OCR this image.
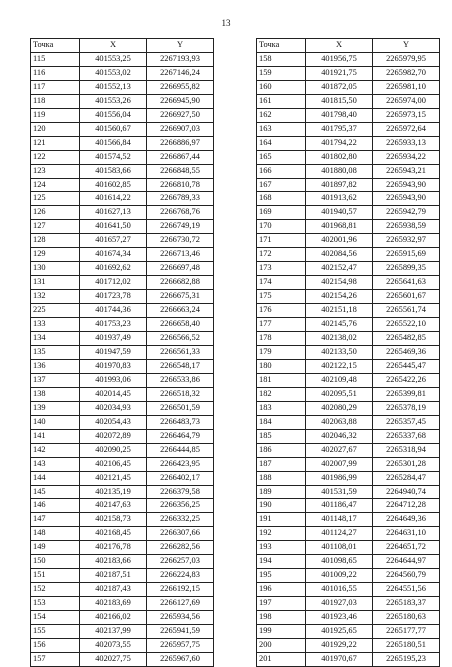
13
Точка	X	Y
115	401553,25	2267193,93
116	401553,02	2267146,24
117	401552,13	2266955,82
118	401553,26	2266945,90
119	401556,04	2266927,50
120	401560,67	2266907,03
121	401566,84	2266886,97
122	401574,52	2266867,44
123	401583,66	2266848,55
124	401602,85	2266810,78
125	401614,22	2266789,33
126	401627,13	2266768,76
127	401641,50	2266749,19
128	401657,27	2266730,72
129	401674,34	2266713,46
130	401692,62	2266697,48
131	401712,02	2266682,88
132	401723,78	2266675,31
225	401744,36	2266663,24
133	401753,23	2266658,40
134	401937,49	2266566,52
135	401947,59	2266561,33
136	401970,83	2266548,17
137	401993,06	2266533,86
138	402014,45	2266518,32
139	402034,93	2266501,59
140	402054,43	2266483,73
141	402072,89	2266464,79
142	402090,25	2266444,85
143	402106,45	2266423,95
144	402121,45	2266402,17
145	402135,19	2266379,58
146	402147,63	2266356,25
147	402158,73	2266332,25
148	402168,45	2266307,66
149	402176,78	2266282,56
150	402183,66	2266257,03
151	402187,51	2266224,83
152	402187,43	2266192,15
153	402183,69	2266127,69
154	402166,02	2265934,56
155	402137,99	2265941,59
156	402073,55	2265957,75
157	402027,75	2265967,60
Точка	X	Y
158	401956,75	2265979,95
159	401921,75	2265982,70
160	401872,05	2265981,10
161	401815,50	2265974,00
162	401798,40	2265973,15
163	401795,37	2265972,64
164	401794,22	2265933,13
165	401802,80	2265934,22
166	401880,08	2265943,21
167	401897,82	2265943,90
168	401913,62	2265943,90
169	401940,57	2265942,79
170	401968,81	2265938,59
171	402001,96	2265932,97
172	402084,56	2265915,69
173	402152,47	2265899,35
174	402154,98	2265641,63
175	402154,26	2265601,67
176	402151,18	2265561,74
177	402145,76	2265522,10
178	402138,02	2265482,85
179	402133,50	2265469,36
180	402122,15	2265445,47
181	402109,48	2265422,26
182	402095,51	2265399,81
183	402080,29	2265378,19
184	402063,88	2265357,45
185	402046,32	2265337,68
186	402027,67	2265318,94
187	402007,99	2265301,28
188	401986,99	2265284,47
189	401531,59	2264940,74
190	401186,47	2264712,28
191	401148,17	2264649,36
192	401124,27	2264631,10
193	401108,01	2264651,72
194	401098,65	2264644,97
195	401009,22	2264560,79
196	401016,55	2264551,56
197	401927,03	2265183,37
198	401923,46	2265180,63
199	401925,65	2265177,77
200	401929,22	2265180,51
201	401970,67	2265195,23
